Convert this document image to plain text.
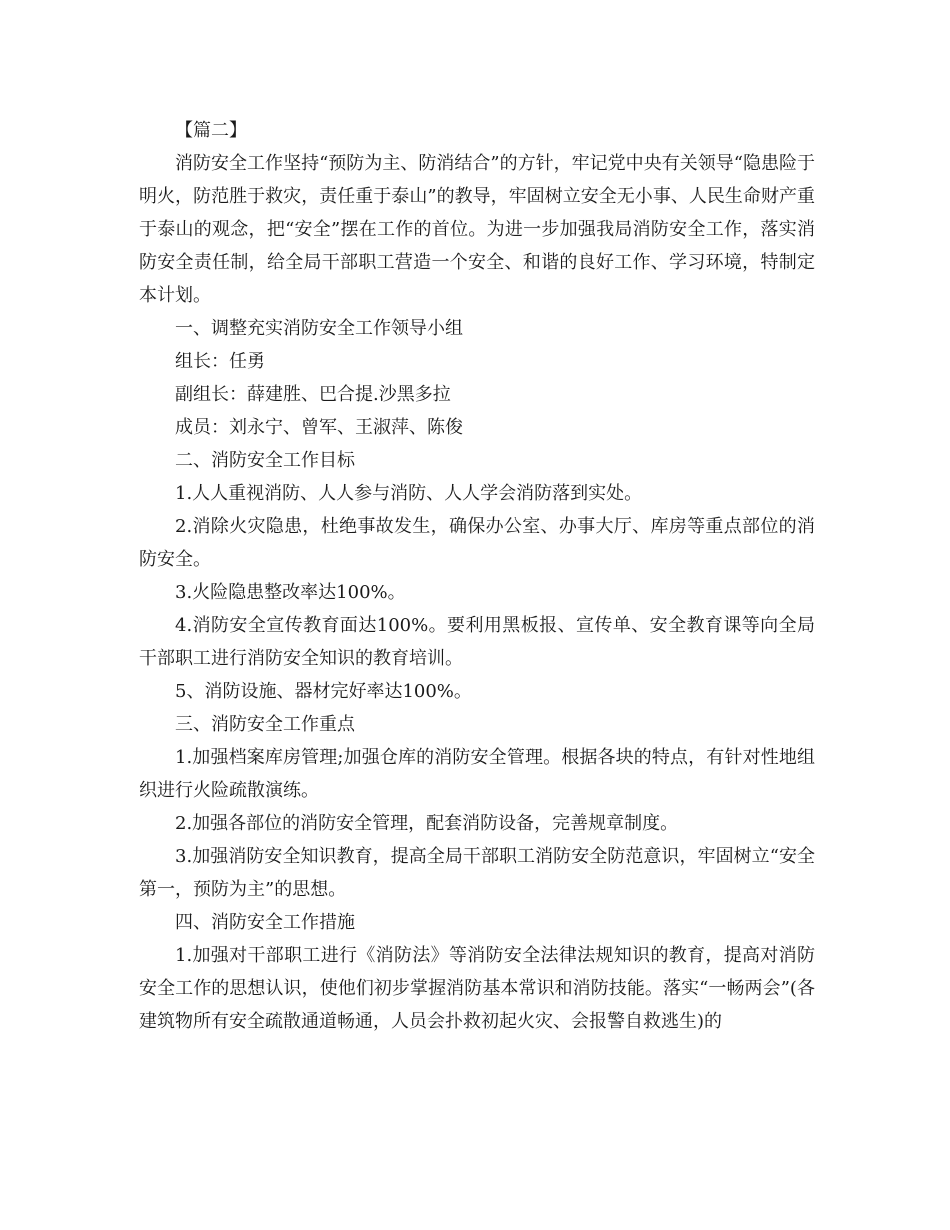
【篇二】

消防安全工作坚持“预防为主、防消结合”的方针，牢记党中央有关领导“隐患险于明火，防范胜于救灾，责任重于泰山”的教导，牢固树立安全无小事、人民生命财产重于泰山的观念，把“安全”摆在工作的首位。为进一步加强我局消防安全工作，落实消防安全责任制，给全局干部职工营造一个安全、和谐的良好工作、学习环境，特制定本计划。

一、调整充实消防安全工作领导小组

组长：任勇

副组长：薛建胜、巴合提.沙黑多拉

成员：刘永宁、曾军、王淑萍、陈俊

二、消防安全工作目标

1.人人重视消防、人人参与消防、人人学会消防落到实处。

2.消除火灾隐患，杜绝事故发生，确保办公室、办事大厅、库房等重点部位的消防安全。

3.火险隐患整改率达100%。

4.消防安全宣传教育面达100%。要利用黑板报、宣传单、安全教育课等向全局干部职工进行消防安全知识的教育培训。

5、消防设施、器材完好率达100%。

三、消防安全工作重点

1.加强档案库房管理;加强仓库的消防安全管理。根据各块的特点，有针对性地组织进行火险疏散演练。

2.加强各部位的消防安全管理，配套消防设备，完善规章制度。

3.加强消防安全知识教育，提高全局干部职工消防安全防范意识，牢固树立“安全第一，预防为主”的思想。

四、消防安全工作措施

1.加强对干部职工进行《消防法》等消防安全法律法规知识的教育，提高对消防安全工作的思想认识，使他们初步掌握消防基本常识和消防技能。落实“一畅两会”(各建筑物所有安全疏散通道畅通，人员会扑救初起火灾、会报警自救逃生)的
